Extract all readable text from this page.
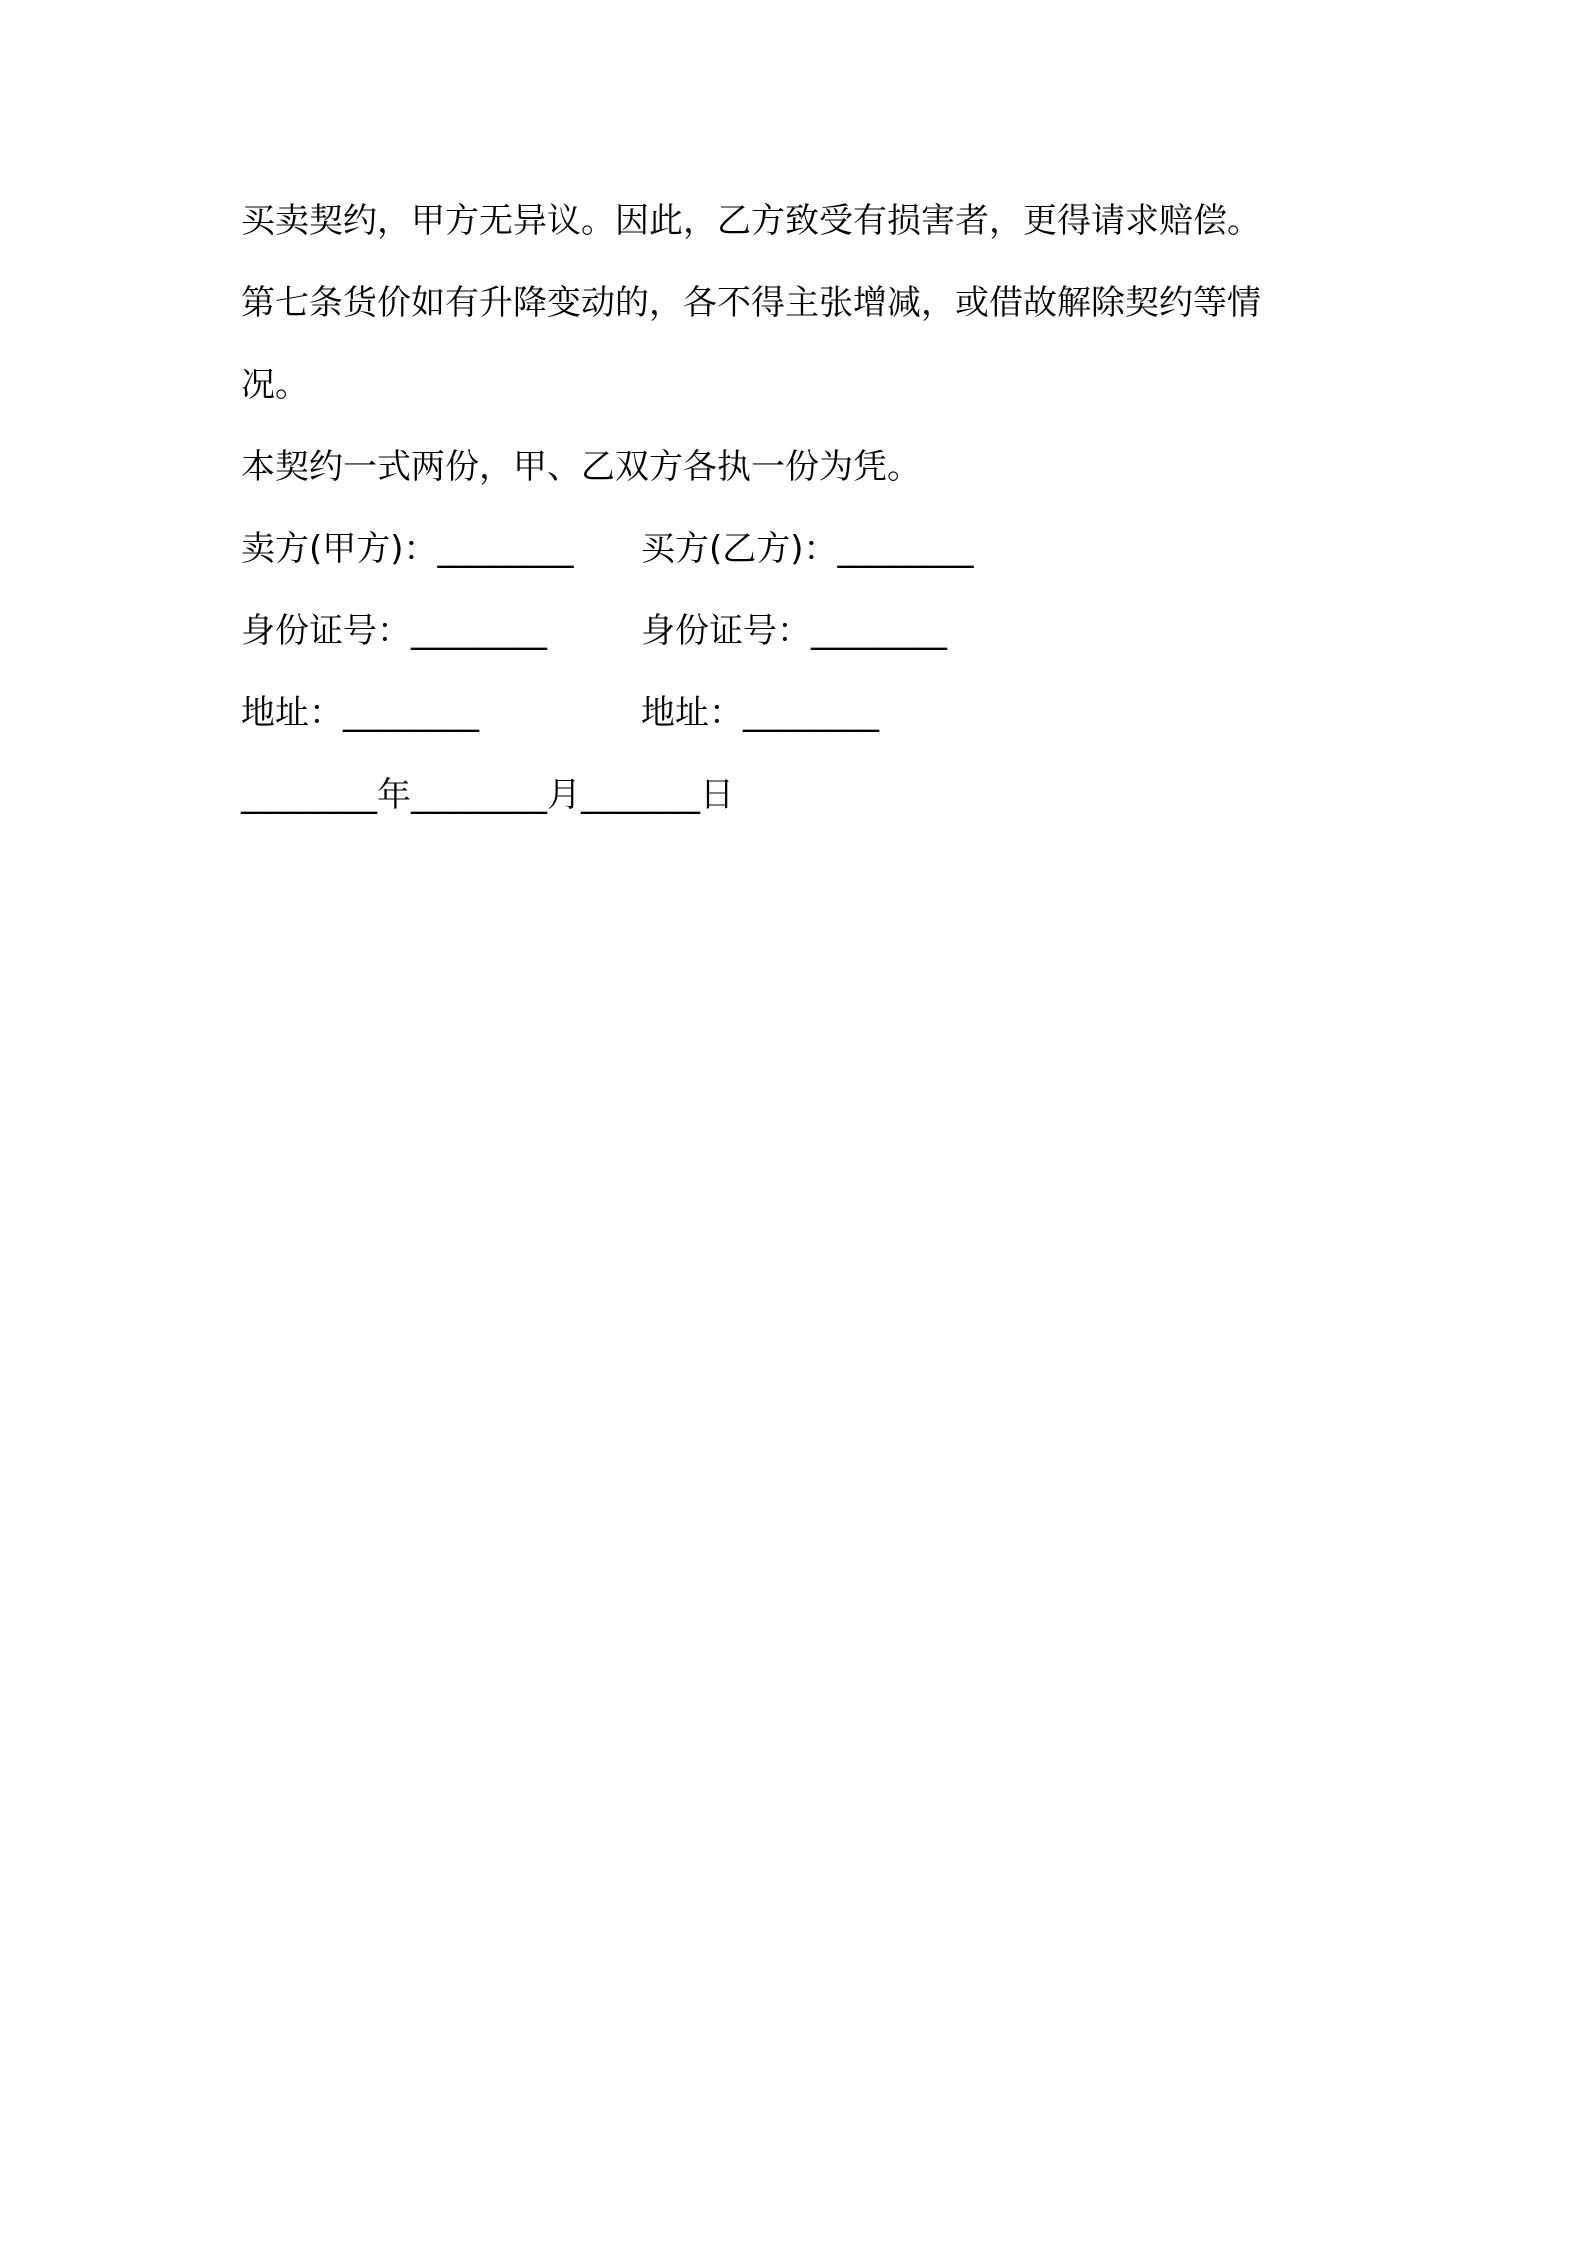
买卖契约，甲方无异议。因此，乙方致受有损害者，更得请求赔偿。

第七条货价如有升降变动的，各不得主张增减，或借故解除契约等情

况。

本契约一式两份，甲、乙双方各执一份为凭。

卖方(甲方)：________	买方(乙方)：________
身份证号：________	身份证号：________
地址：________	地址：________
________年________月_______日
